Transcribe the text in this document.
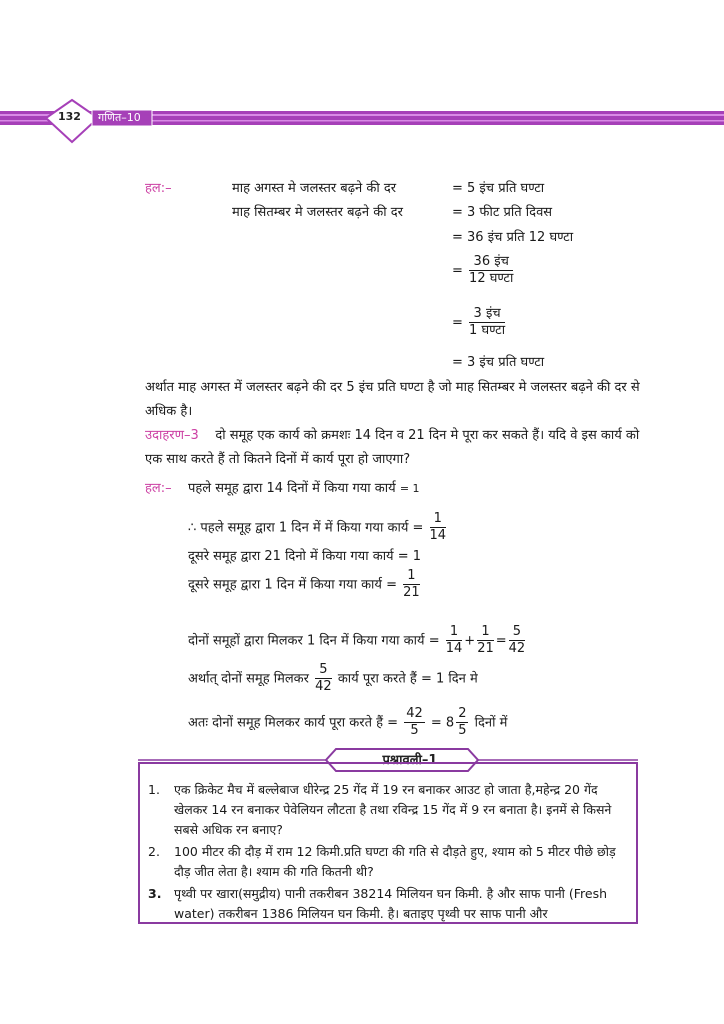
132 गणित–10
हल:–	माह अगस्त मे जलस्तर बढ़ने की दर	= 5 इंच प्रति घण्टा
माह सितम्बर मे जलस्तर बढ़ने की दर	= 3 फीट प्रति दिवस
= 36 इंच प्रति 12 घण्टा
= $\frac{\text{36 इंच}}{\text{12 घण्टा}}$
= $\frac{\text{3 इंच}}{\text{1 घण्टा}}$
= 3 इंच प्रति घण्टा
अर्थात माह अगस्त में जलस्तर बढ़ने की दर 5 इंच प्रति घण्टा है जो माह सितम्बर मे जलस्तर बढ़ने की दर से अधिक है।
उदाहरण–3 दो समूह एक कार्य को क्रमशः 14 दिन व 21 दिन मे पूरा कर सकते हैं। यदि वे इस कार्य को एक साथ करते हैं तो कितने दिनों में कार्य पूरा हो जाएगा?
हल:– पहले समूह द्वारा 14 दिनों में किया गया कार्य = 1
∴ पहले समूह द्वारा 1 दिन में में किया गया कार्य = $\frac{1}{14}$
दूसरे समूह द्वारा 21 दिनो में किया गया कार्य = 1
दूसरे समूह द्वारा 1 दिन में किया गया कार्य = $\frac{1}{21}$
दोनों समूहों द्वारा मिलकर 1 दिन में किया गया कार्य = $\frac{1}{14} + \frac{1}{21} = \frac{5}{42}$
अर्थात् दोनों समूह मिलकर $\frac{5}{42}$ कार्य पूरा करते हैं = 1 दिन मे
अतः दोनों समूह मिलकर कार्य पूरा करते हैं = $\frac{42}{5} = 8 \frac{2}{5}$ दिनों में
प्रश्नावली–1
1. एक क्रिकेट मैच में बल्लेबाज धीरेन्द्र 25 गेंद में 19 रन बनाकर आउट हो जाता है,महेन्द्र 20 गेंद खेलकर 14 रन बनाकर पेवेलियन लौटता है तथा रविन्द्र 15 गेंद में 9 रन बनाता है। इनमें से किसने सबसे अधिक रन बनाए?
2. 100 मीटर की दौड़ में राम 12 किमी.प्रति घण्टा की गति से दौड़ते हुए, श्याम को 5 मीटर पीछे छोड़ दौड़ जीत लेता है। श्याम की गति कितनी थी?
3. पृथ्वी पर खारा(समुद्रीय) पानी तकरीबन 38214 मिलियन घन किमी. है और साफ पानी (Fresh water) तकरीबन 1386 मिलियन घन किमी. है। बताइए पृथ्वी पर साफ पानी और
